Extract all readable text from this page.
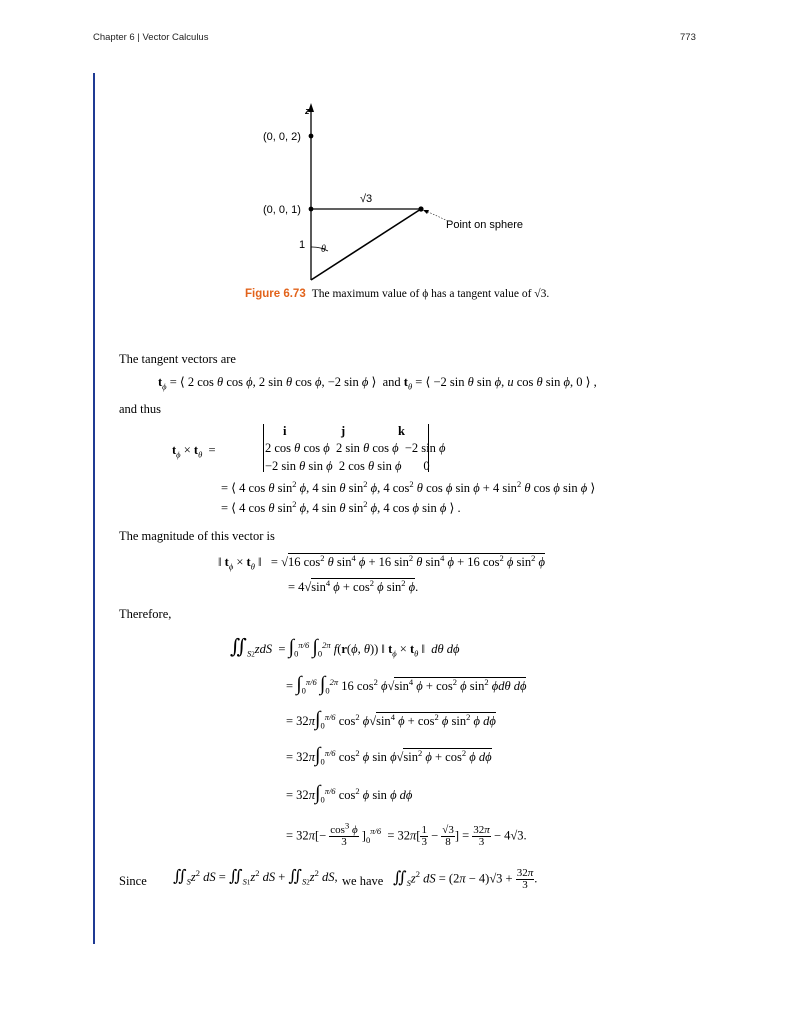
Chapter 6 | Vector Calculus	773
z
(0, 0, 2)
(0, 0, 1)
√3
1 θ
Point on sphere
Figure 6.73 The maximum value of ϕ has a tangent value of √3.
The tangent vectors are
$t_\phi$ = ⟨ 2 cos θ cos ϕ, 2 sin θ cos ϕ, −2 sin ϕ ⟩  and $t_\theta$ = ⟨ −2 sin θ sin ϕ, u cos θ sin ϕ, 0 ⟩ ,
and thus
$t_\phi \times t_\theta$  =
i	j	k
2 cos θ cos ϕ  2 sin θ cos ϕ  −2 sin ϕ
−2 sin θ sin ϕ  2 cos θ sin ϕ       0
= ⟨ 4 cos θ $\sin^2 \phi$, 4 sin θ $\sin^2 \phi$, 4 $\cos^2 \theta$ cos ϕ sin ϕ + 4 $\sin^2 \theta$ cos ϕ sin ϕ ⟩
= ⟨ 4 cos θ $\sin^2 \phi$, 4 sin θ $\sin^2 \phi$, 4 cos ϕ sin ϕ ⟩ .
The magnitude of this vector is
‖ $t_\phi \times t_\theta$ ‖   = √16 $\cos^2 \theta$ $\sin^4 \phi + 16$ $\sin^2 \theta$ $\sin^4 \phi + 16$ $\cos^2 \phi$ $\sin^2 \phi$
= $4√\sin^4$ $\phi + \cos^2 \phi$ $\sin^2 \phi$.
Therefore,
$∬_{S2}zdS = \int_0^{\pi/6}$ $\int_0^{2\pi}$ f(r(ϕ, θ)) ‖ $t_\phi \times t_\theta$ ‖  dθ dϕ
= $\int_0^{\pi/6}$ $\int_0^{2\pi}$ 16 $\cos^2 \phi√\sin^4$ $\phi + \cos^2 \phi$ $\sin^2 \phi d\theta$ dϕ
= $32\pi\int_0^{\pi/6}$ $\cos^2 \phi√\sin^4$ $\phi + \cos^2 \phi$ $\sin^2 \phi$ dϕ
= $32\pi\int_0^{\pi/6}$ $\cos^2 \phi$ $\sin \phi√\sin^2$ $\phi + \cos^2 \phi$ dϕ
= $32\pi\int_0^{\pi/6}$ $\cos^2 \phi$ sin ϕ dϕ
= $32\pi[- \frac{\cos^3 \phi}{3} ]_0^{\pi/6} = 32\pi[ \frac{1}{3} - \frac{√3}{8}$ ] = $\frac{32\pi}{3} - 4√3$.
Since $∬_Sz^2$ dS = $∬_{S1}z^2$ dS + $∬_{S2}z^2$ dS, we have $∬_Sz^2$ dS = $(2\pi - 4)√3 + \frac{32\pi}{3}$ .
